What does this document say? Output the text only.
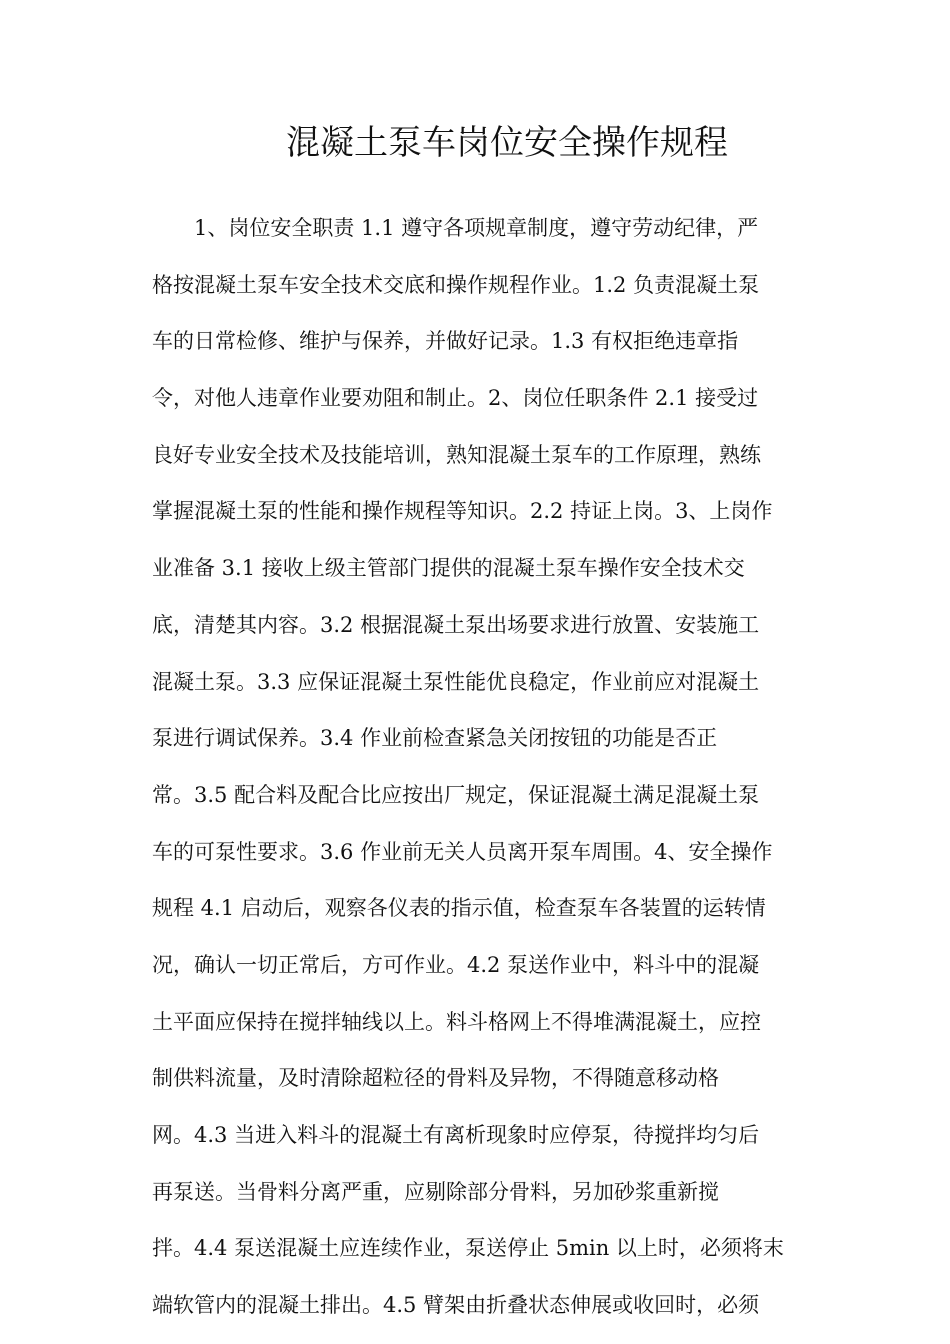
混凝土泵车岗位安全操作规程
1、岗位安全职责 1.1 遵守各项规章制度，遵守劳动纪律，严
格按混凝土泵车安全技术交底和操作规程作业。1.2 负责混凝土泵
车的日常检修、维护与保养，并做好记录。1.3 有权拒绝违章指
令，对他人违章作业要劝阻和制止。2、岗位任职条件 2.1 接受过
良好专业安全技术及技能培训，熟知混凝土泵车的工作原理，熟练
掌握混凝土泵的性能和操作规程等知识。2.2 持证上岗。3、上岗作
业准备 3.1 接收上级主管部门提供的混凝土泵车操作安全技术交
底，清楚其内容。3.2 根据混凝土泵出场要求进行放置、安装施工
混凝土泵。3.3 应保证混凝土泵性能优良稳定，作业前应对混凝土
泵进行调试保养。3.4 作业前检查紧急关闭按钮的功能是否正
常。3.5 配合料及配合比应按出厂规定，保证混凝土满足混凝土泵
车的可泵性要求。3.6 作业前无关人员离开泵车周围。4、安全操作
规程 4.1 启动后，观察各仪表的指示值，检查泵车各装置的运转情
况，确认一切正常后，方可作业。4.2 泵送作业中，料斗中的混凝
土平面应保持在搅拌轴线以上。料斗格网上不得堆满混凝土，应控
制供料流量，及时清除超粒径的骨料及异物，不得随意移动格
网。4.3 当进入料斗的混凝土有离析现象时应停泵，待搅拌均匀后
再泵送。当骨料分离严重，应剔除部分骨料，另加砂浆重新搅
拌。4.4 泵送混凝土应连续作业，泵送停止 5min 以上时，必须将末
端软管内的混凝土排出。4.5 臂架由折叠状态伸展或收回时，必须
